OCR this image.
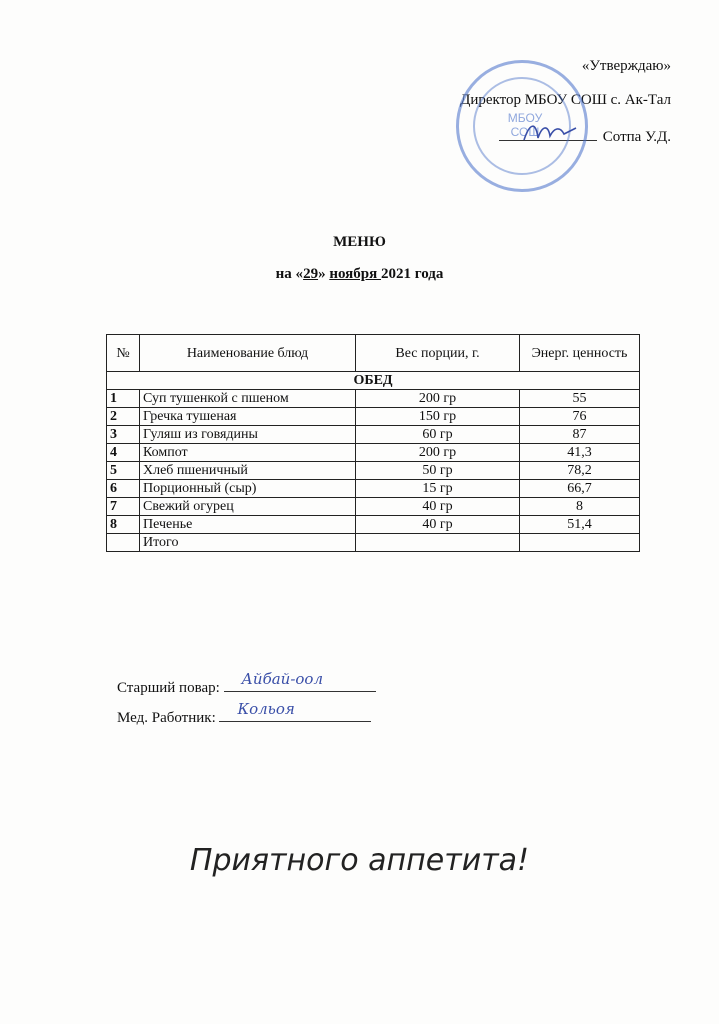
«Утверждаю»
Директор МБОУ СОШ с. Ак-Тал
Сотпа У.Д.
МБОУ СОШ
МЕНЮ
на «29» ноября 2021 года
№	Наименование блюд	Вес порции, г.	Энерг. ценность
ОБЕД			
1	Суп тушенкой с пшеном	200 гр	55
2	Гречка тушеная	150 гр	76
3	Гуляш из говядины	60 гр	87
4	Компот	200 гр	41,3
5	Хлеб пшеничный	50 гр	78,2
6	Порционный (сыр)	15 гр	66,7
7	Свежий огурец	40 гр	8
8	Печенье	40 гр	51,4
	Итого		
Старший повар: Айбай-оол
Мед. Работник: Кольоя
Приятного аппетита!
